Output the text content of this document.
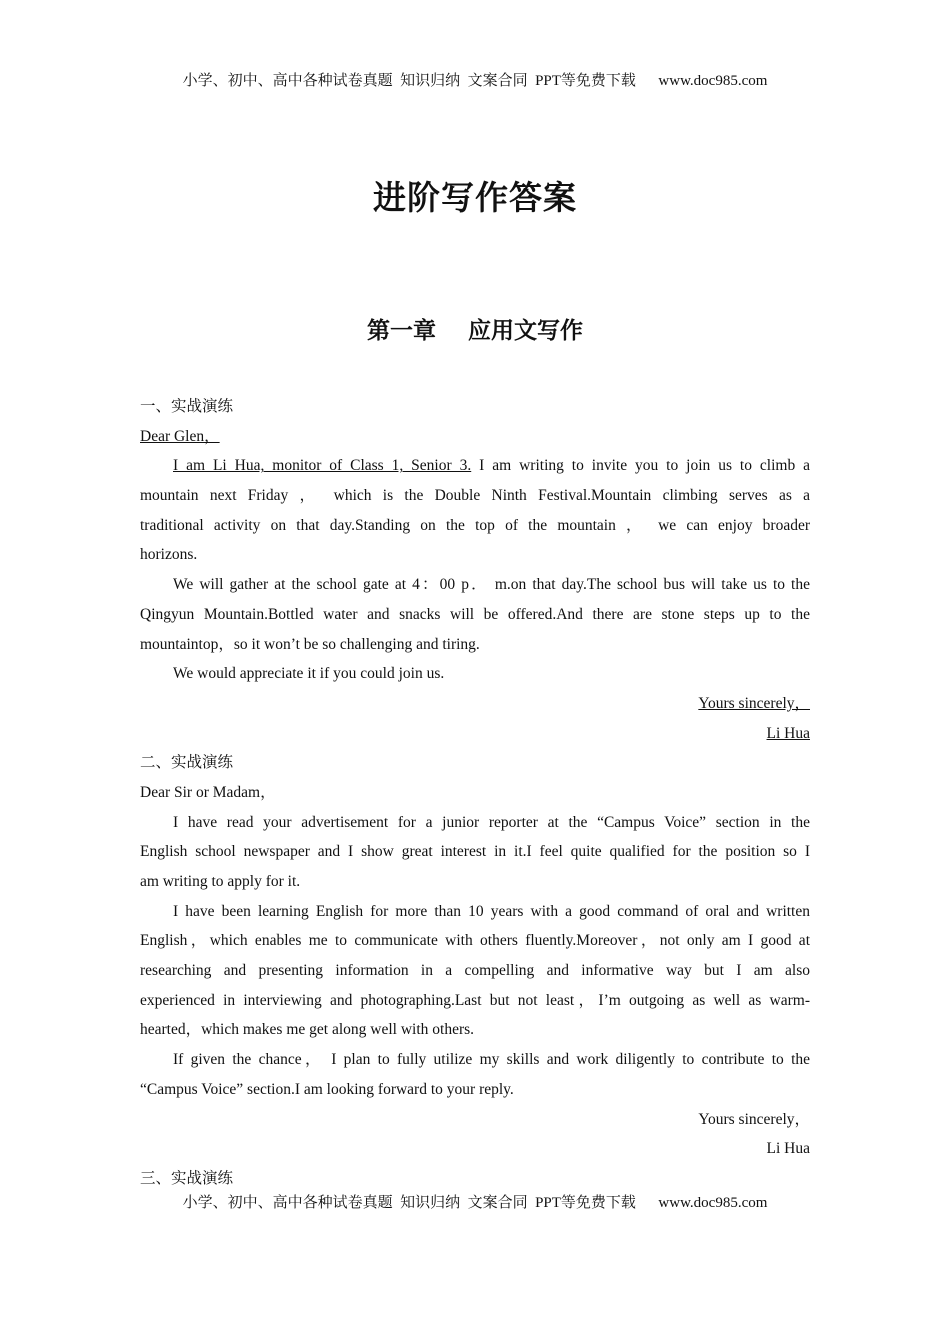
小学、初中、高中各种试卷真题  知识归纳  文案合同  PPT等免费下载      www.doc985.com
进阶写作答案
第一章    应用文写作
一、实战演练
Dear Glen，
I am Li Hua, monitor of Class 1, Senior 3. I am writing to invite you to join us to climb a
mountain next Friday ， which is the Double Ninth Festival.Mountain climbing serves as a
traditional activity on that day.Standing on the top of the mountain ， we can enjoy broader
horizons.
We will gather at the school gate at 4：00 p． m.on that day.The school bus will take us to the
Qingyun Mountain.Bottled water and snacks will be offered.And there are stone steps up to the
mountaintop，so it won’t be so challenging and tiring.
We would appreciate it if you could join us.
Yours sincerely，
Li Hua
二、实战演练
Dear Sir or Madam，
I have read your advertisement for a junior reporter at the “Campus Voice” section in the
English school newspaper and I show great interest in it.I feel quite qualified for the position so I
am writing to apply for it.
I have been learning English for more than 10 years with a good command of oral and written
English，which enables me to communicate with others fluently.Moreover，not only am I good at
researching and presenting information in a compelling and informative way but I am also
experienced in interviewing and photographing.Last but not least，I’m outgoing as well as warm-
hearted，which makes me get along well with others.
If given the chance， I plan to fully utilize my skills and work diligently to contribute to the
“Campus Voice” section.I am looking forward to your reply.
Yours sincerely，
Li Hua
三、实战演练
小学、初中、高中各种试卷真题  知识归纳  文案合同  PPT等免费下载      www.doc985.com
